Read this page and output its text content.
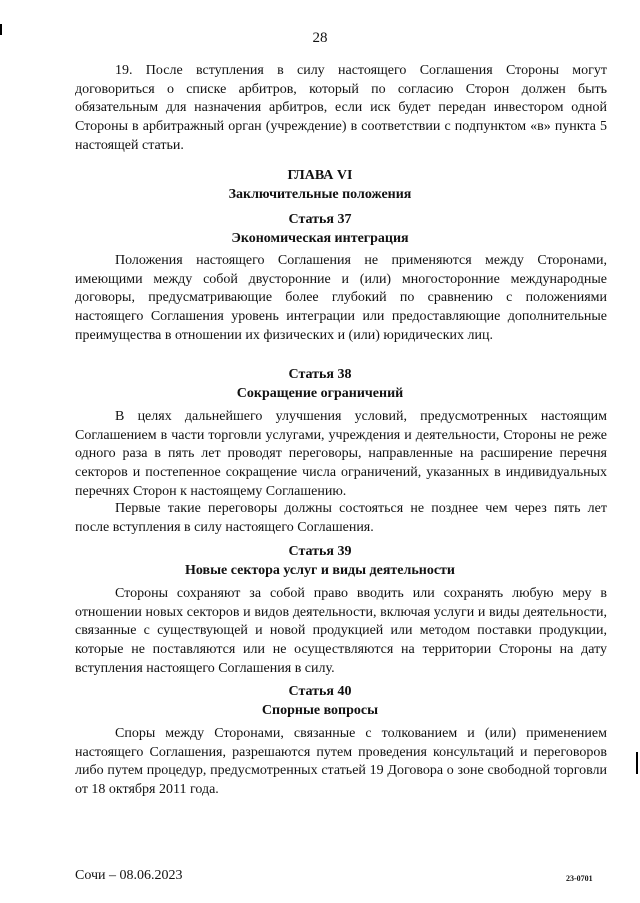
28

19. После вступления в силу настоящего Соглашения Стороны могут договориться о списке арбитров, который по согласию Сторон должен быть обязательным для назначения арбитров, если иск будет передан инвестором одной Стороны в арбитражный орган (учреждение) в соответствии с подпунктом «в» пункта 5 настоящей статьи.

ГЛАВА VI
Заключительные положения
Статья 37
Экономическая интеграция

Положения настоящего Соглашения не применяются между Сторонами, имеющими между собой двусторонние и (или) многосторонние международные договоры, предусматривающие более глубокий по сравнению с положениями настоящего Соглашения уровень интеграции или предоставляющие дополнительные преимущества в отношении их физических и (или) юридических лиц.

Статья 38
Сокращение ограничений

В целях дальнейшего улучшения условий, предусмотренных настоящим Соглашением в части торговли услугами, учреждения и деятельности, Стороны не реже одного раза в пять лет проводят переговоры, направленные на расширение перечня секторов и постепенное сокращение числа ограничений, указанных в индивидуальных перечнях Сторон к настоящему Соглашению.

Первые такие переговоры должны состояться не позднее чем через пять лет после вступления в силу настоящего Соглашения.

Статья 39
Новые сектора услуг и виды деятельности

Стороны сохраняют за собой право вводить или сохранять любую меру в отношении новых секторов и видов деятельности, включая услуги и виды деятельности, связанные с существующей и новой продукцией или методом поставки продукции, которые не поставляются или не осуществляются на территории Стороны на дату вступления настоящего Соглашения в силу.

Статья 40
Спорные вопросы

Споры между Сторонами, связанные с толкованием и (или) применением настоящего Соглашения, разрешаются путем проведения консультаций и переговоров либо путем процедур, предусмотренных статьей 19 Договора о зоне свободной торговли от 18 октября 2011 года.

Сочи – 08.06.2023	23-0701
